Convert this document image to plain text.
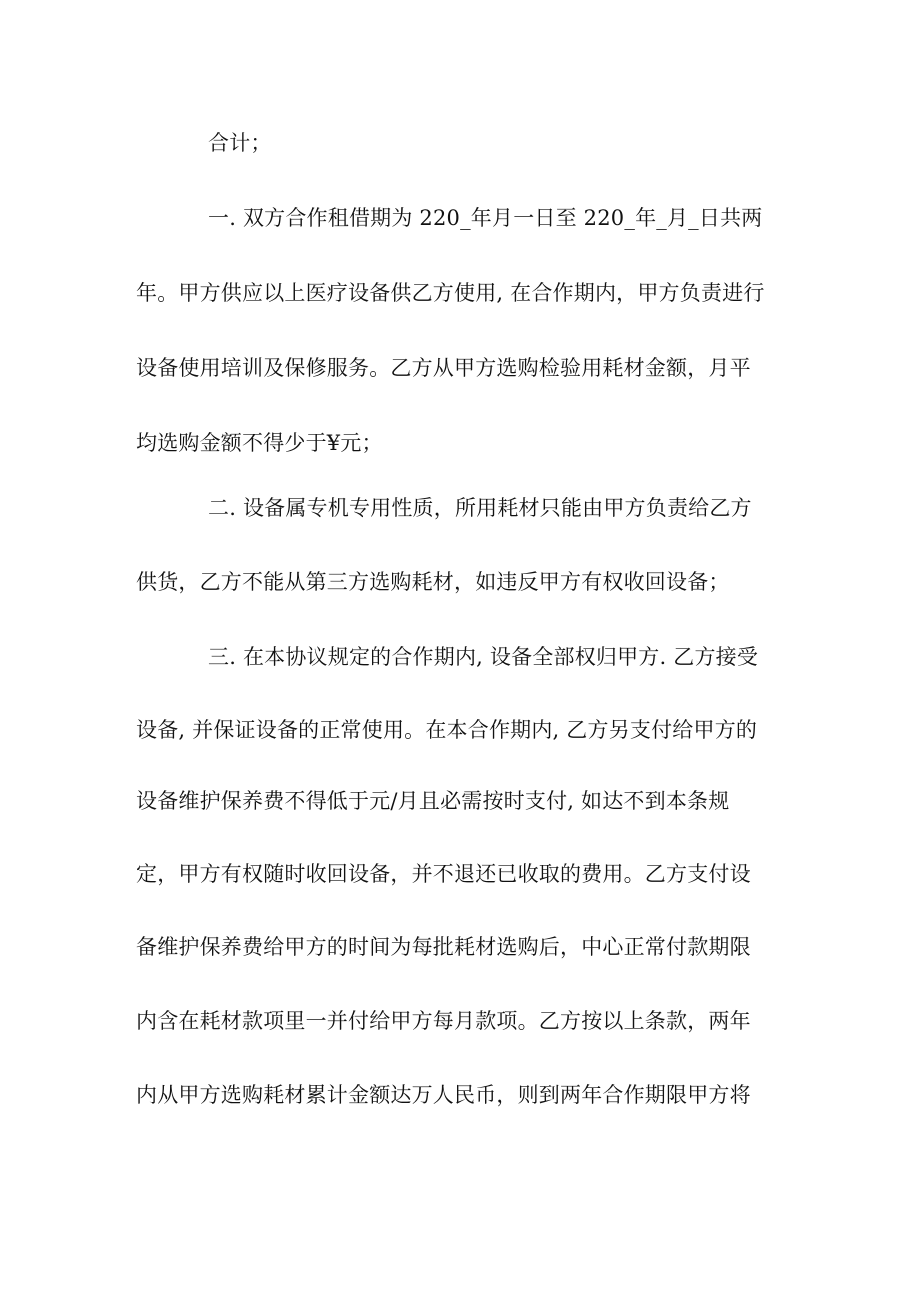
合计；
一. 双方合作租借期为 220_年月一日至 220_年_月_日共两
年。甲方供应以上医疗设备供乙方使用, 在合作期内，甲方负责进行
设备使用培训及保修服务。乙方从甲方选购检验用耗材金额，月平
均选购金额不得少于¥元；
二. 设备属专机专用性质，所用耗材只能由甲方负责给乙方
供货，乙方不能从第三方选购耗材，如违反甲方有权收回设备；
三. 在本协议规定的合作期内, 设备全部权归甲方. 乙方接受
设备, 并保证设备的正常使用。在本合作期内, 乙方另支付给甲方的
设备维护保养费不得低于元/月且必需按时支付, 如达不到本条规
定，甲方有权随时收回设备，并不退还已收取的费用。乙方支付设
备维护保养费给甲方的时间为每批耗材选购后，中心正常付款期限
内含在耗材款项里一并付给甲方每月款项。乙方按以上条款，两年
内从甲方选购耗材累计金额达万人民币，则到两年合作期限甲方将
